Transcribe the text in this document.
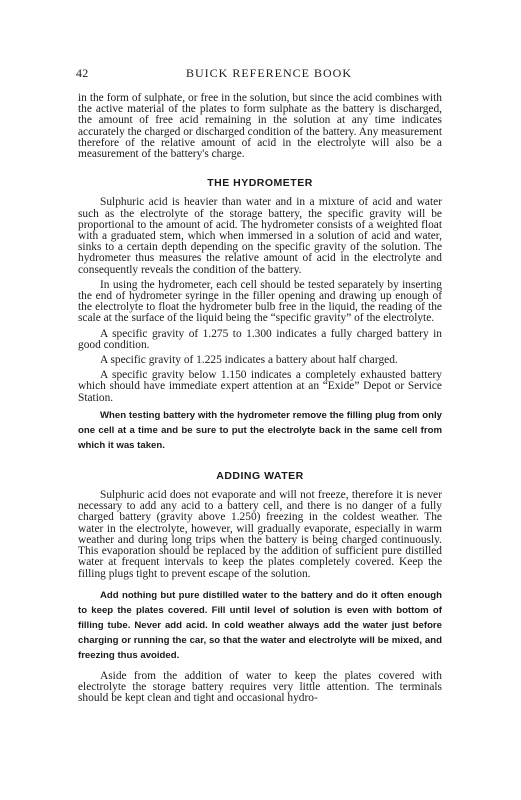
42	BUICK REFERENCE BOOK

in the form of sulphate, or free in the solution, but since the acid combines with the active material of the plates to form sulphate as the battery is discharged, the amount of free acid remaining in the solution at any time indicates accurately the charged or discharged condition of the battery. Any measurement therefore of the relative amount of acid in the electrolyte will also be a measurement of the battery's charge.

THE HYDROMETER

Sulphuric acid is heavier than water and in a mixture of acid and water such as the electrolyte of the storage battery, the specific gravity will be proportional to the amount of acid. The hydrometer consists of a weighted float with a graduated stem, which when immersed in a solution of acid and water, sinks to a certain depth depending on the specific gravity of the solution. The hydrometer thus measures the relative amount of acid in the electrolyte and consequently reveals the condition of the battery.

In using the hydrometer, each cell should be tested separately by inserting the end of hydrometer syringe in the filler opening and drawing up enough of the electrolyte to float the hydrometer bulb free in the liquid, the reading of the scale at the surface of the liquid being the “specific gravity” of the electrolyte.

A specific gravity of 1.275 to 1.300 indicates a fully charged battery in good condition.

A specific gravity of 1.225 indicates a battery about half charged.

A specific gravity below 1.150 indicates a completely exhausted battery which should have immediate expert attention at an “Exide” Depot or Service Station.

When testing battery with the hydrometer remove the filling plug from only one cell at a time and be sure to put the electrolyte back in the same cell from which it was taken.

ADDING WATER

Sulphuric acid does not evaporate and will not freeze, therefore it is never necessary to add any acid to a battery cell, and there is no danger of a fully charged battery (gravity above 1.250) freezing in the coldest weather. The water in the electrolyte, however, will gradually evaporate, especially in warm weather and during long trips when the battery is being charged continuously. This evaporation should be replaced by the addition of sufficient pure distilled water at frequent intervals to keep the plates completely covered. Keep the filling plugs tight to prevent escape of the solution.

Add nothing but pure distilled water to the battery and do it often enough to keep the plates covered. Fill until level of solution is even with bottom of filling tube. Never add acid. In cold weather always add the water just before charging or running the car, so that the water and electrolyte will be mixed, and freezing thus avoided.

Aside from the addition of water to keep the plates covered with electrolyte the storage battery requires very little attention. The terminals should be kept clean and tight and occasional hydro-
